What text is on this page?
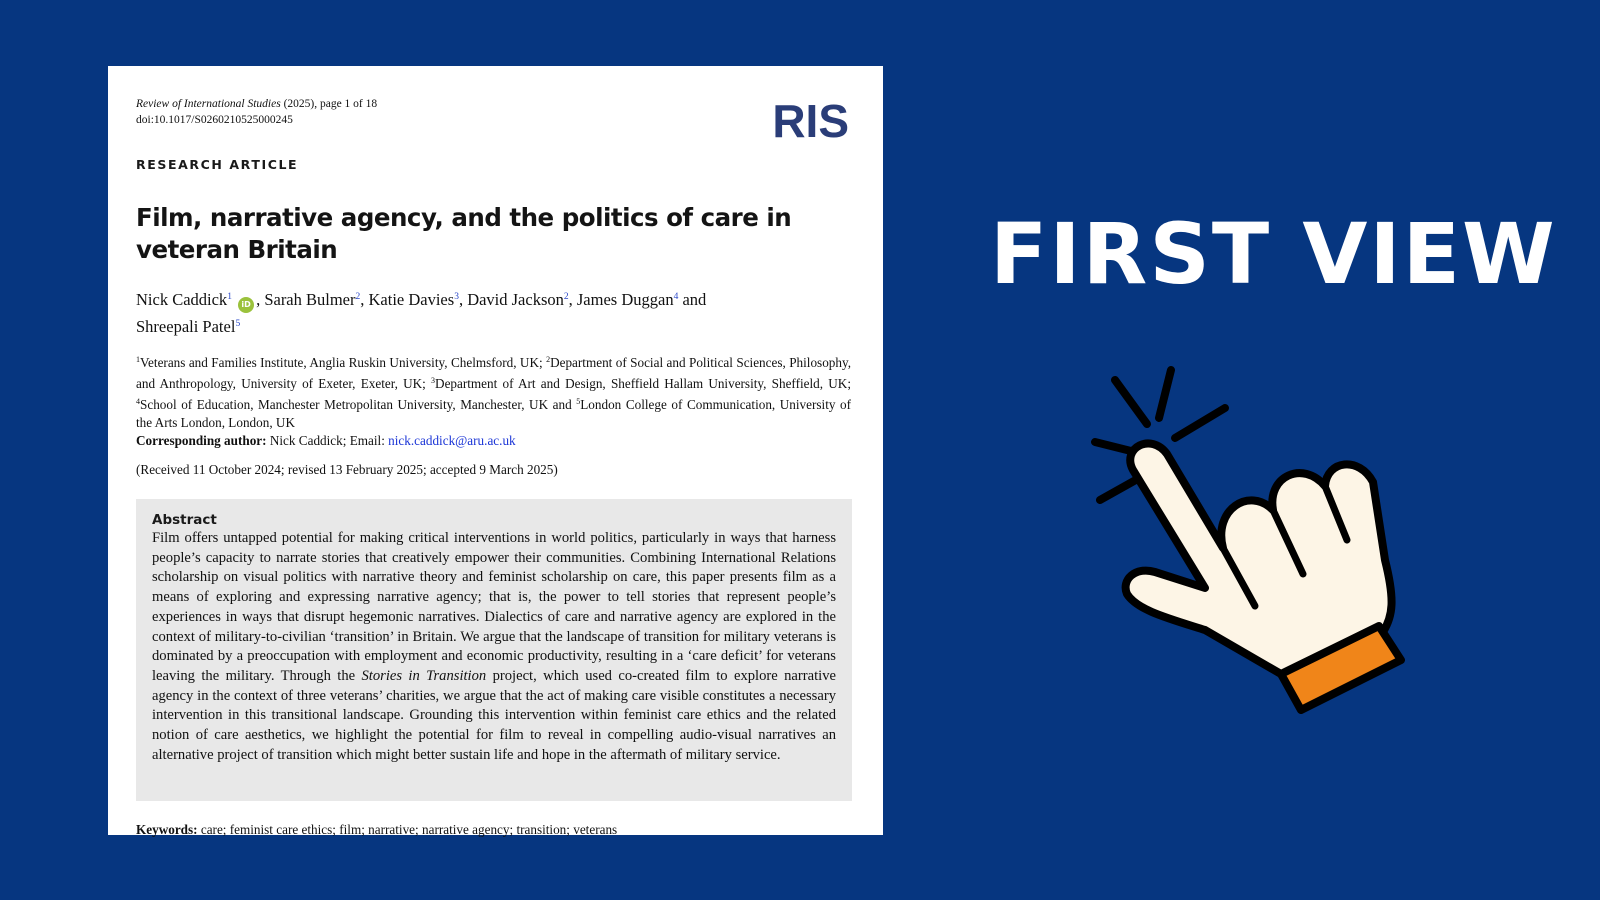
Review of International Studies (2025), page 1 of 18
doi:10.1017/S0260210525000245	RIS
RESEARCH ARTICLE
Film, narrative agency, and the politics of care in veteran Britain
Nick Caddick$^1$ iD , Sarah Bulmer$^2$, Katie Davies$^3$, David Jackson$^2$, James Duggan$^4$ and
Shreepali Patel$^5$
$^1$Veterans and Families Institute, Anglia Ruskin University, Chelmsford, UK; $^2$Department of Social and Political Sciences, Philosophy, and Anthropology, University of Exeter, Exeter, UK; $^3$Department of Art and Design, Sheffield Hallam University, Sheffield, UK; $^4$School of Education, Manchester Metropolitan University, Manchester, UK and $^5$London College of Communication, University of the Arts London, London, UK
Corresponding author: Nick Caddick; Email: nick.caddick@aru.ac.uk
(Received 11 October 2024; revised 13 February 2025; accepted 9 March 2025)
Abstract
Film offers untapped potential for making critical interventions in world politics, particularly in ways that harness people’s capacity to narrate stories that creatively empower their communities. Combining International Relations scholarship on visual politics with narrative theory and feminist scholarship on care, this paper presents film as a means of exploring and expressing narrative agency; that is, the power to tell stories that represent people’s experiences in ways that disrupt hegemonic narratives. Dialectics of care and narrative agency are explored in the context of military-to-civilian ‘transition’ in Britain. We argue that the landscape of transition for military veterans is dominated by a preoccupation with employment and economic productivity, resulting in a ‘care deficit’ for veterans leaving the military. Through the Stories in Transition project, which used co-created film to explore narrative agency in the context of three veterans’ charities, we argue that the act of making care visible constitutes a necessary intervention in this transitional landscape. Grounding this intervention within feminist care ethics and the related notion of care aesthetics, we highlight the potential for film to reveal in compelling audio-visual narratives an alternative project of transition which might better sustain life and hope in the aftermath of military service.
Keywords: care; feminist care ethics; film; narrative; narrative agency; transition; veterans
FIRST VIEW
